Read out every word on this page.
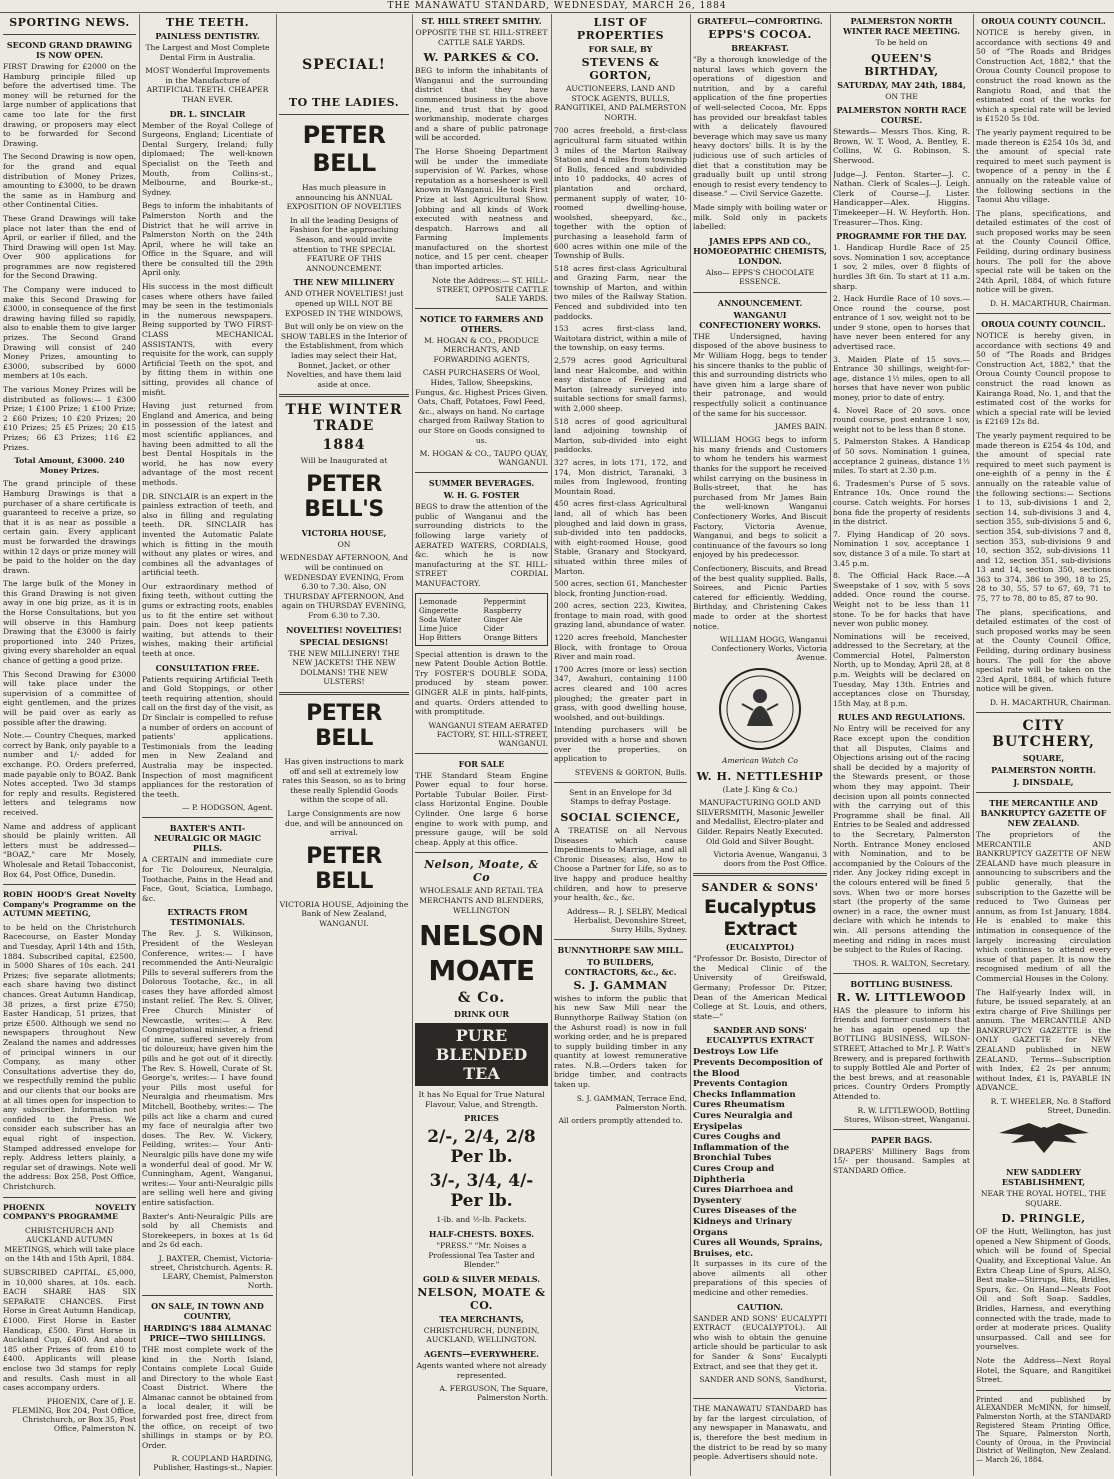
THE MANAWATU STANDARD, WEDNESDAY, MARCH 26, 1884
SPORTING NEWS.
SECOND GRAND DRAWING IS NOW OPEN.

FIRST Drawing for £2000 on the Hamburg principle filled up before the advertised time. The money will be returned for the large number of applications that came too late for the first drawing, or proposers may elect to be forwarded for Second Drawing.

The Second Drawing is now open, for the grand and equal distribution of Money Prizes, amounting to £3000, to be drawn the same as in Hamburg and other Continental Cities.

These Grand Drawings will take place not later than the end of April, or earlier if filled, and the Third Drawing will open 1st May. Over 900 applications for programmes are now registered for the Second Drawing.

The Company were induced to make this Second Drawing for £3000, in consequence of the first drawing having filled so rapidly, also to enable them to give larger prizes. The Second Grand Drawing will consist of 240 Money Prizes, amounting to £3000, subscribed by 6000 members at 10s each.

The various Money Prizes will be distributed as follows:— 1 £300 Prize; 1 £100 Prize; 1 £100 Prize; 2 £60 Prizes; 10 £20 Prizes; 20 £10 Prizes; 25 £5 Prizes; 20 £15 Prizes; 66 £3 Prizes; 116 £2 Prizes.

Total Amount, £3000. 240 Money Prizes.

The grand principle of these Hamburg Drawings is that a purchaser of a share certificate is guaranteed to receive a prize, so that it is as near as possible a certain gain. Every applicant must be forwarded the drawings within 12 days or prize money will be paid to the holder on the day drawn.

The large bulk of the Money in this Grand Drawing is not given away in one big prize, as it is in the Horse Consultations, but you will observe in this Hamburg Drawing that the £3000 is fairly proportioned into 240 Prizes, giving every shareholder an equal chance of getting a good prize.

This Second Drawing for £3000 will take place under the supervision of a committee of eight gentlemen, and the prizes will be paid over as early as possible after the drawing.

Note.— Country Cheques, marked correct by Bank, only payable to a number and 1/- added for exchange. P.O. Orders preferred, made payable only to BOAZ. Bank Notes accepted. Two 3d stamps for reply and results. Registered letters and telegrams now received.

Name and address of applicant should be plainly written. All letters must be addressed— "BOAZ," care Mr Mosely, Wholesale and Retail Tobacconist, Box 64, Post Office, Dunedin.

ROBIN HOOD'S Great Novelty Company's Programme on the AUTUMN MEETING,

to be held on the Christchurch Racecourse, on Easter Monday and Tuesday, April 14th and 15th, 1884. Subscribed capital, £2500, in 5000 Shares of 10s each. 241 Prizes; five separate allotments; each share having two distinct chances. Great Autumn Handicap, 38 prizes, a first prize £750; Easter Handicap, 51 prizes, that prize £500. Although we send no newspapers throughout New Zealand the names and addresses of principal winners in our Company, as many other Consultations advertise they do, we respectfully remind the public and our clients that our books are at all times open for inspection to any subscriber. Information not confided to the Press. We consider each subscriber has an equal right of inspection. Stamped addressed envelope for reply. Address letters plainly, a regular set of drawings. Note well the address: Box 258, Post Office, Christchurch.

PHOENIX NOVELTY COMPANY'S PROGRAMME

CHRISTCHURCH AND AUCKLAND AUTUMN MEETINGS, which will take place on the 14th and 15th April, 1884.

SUBSCRIBED CAPITAL, £5,000, in 10,000 shares, at 10s. each. EACH SHARE HAS SIX SEPARATE CHANCES. First Horse in Great Autumn Handicap, £1000. First Horse in Easter Handicap, £500. First Horse in Auckland Cup, £400. And about 185 other Prizes of from £10 to £400. Applicants will please enclose two 3d stamps for reply and results. Cash must in all cases accompany orders.

PHOENIX, Care of J. E. FLEMING, Box 204, Post Office, Christchurch, or Box 35, Post Office, Palmerston N.

THE TEETH.
PAINLESS DENTISTRY.

The Largest and Most Complete Dental Firm in Australia.

MOST Wonderful Improvements in the Manufacture of ARTIFICIAL TEETH. CHEAPER THAN EVER.

DR. L. SINCLAIR

Member of the Royal College of Surgeons, England; Licentiate of Dental Surgery, Ireland; fully diplomaed; The well-known Specialist on the Teeth and Mouth, from Collins-st., Melbourne, and Bourke-st., Sydney.

Begs to inform the inhabitants of Palmerston North and the District that he will arrive in Palmerston North on the 24th April, where he will take an Office in the Square, and will there be consulted till the 29th April only.

His success in the most difficult cases where others have failed may be seen in the testimonials in the numerous newspapers. Being supported by TWO FIRST-CLASS MECHANICAL ASSISTANTS, with every requisite for the work, can supply Artificial Teeth on the spot, and by fitting them in within one sitting, provides all chance of misfit.

Having just returned from England and America, and being in possession of the latest and most scientific appliances, and having been admitted to all the best Dental Hospitals in the world, he has now every advantage of the most recent methods.

DR. SINCLAIR is an expert in the painless extraction of teeth, and also in filling and regulating teeth. DR. SINCLAIR has invented the Automatic Palate which is fitting in the mouth without any plates or wires, and combines all the advantages of artificial teeth.

Our extraordinary method of fixing teeth, without cutting the gums or extracting roots, enables us to fit the entire set without pain. Does not keep patients waiting, but attends to their wishes, making their artificial teeth at once.

CONSULTATION FREE.

Patients requiring Artificial Teeth and Gold Stoppings, or other teeth requiring attention, should call on the first day of the visit, as Dr Sinclair is compelled to refuse a number of orders on account of patients' applications. Testimonials from the leading men in New Zealand and Australia may be inspected. Inspection of most magnificent appliances for the restoration of the teeth.

— P. HODGSON, Agent.

BAXTER'S ANTI-NEURALGIC OR MAGIC PILLS.

A CERTAIN and immediate cure for Tic Doloureux, Neuralgia, Toothache, Pains in the Head and Face, Gout, Sciatica, Lumbago, &c.

EXTRACTS FROM TESTIMONIALS.

The Rev. J. S. Wilkinson, President of the Wesleyan Conference, writes:— I have recommended the Anti-Neuralgic Pills to several sufferers from the Dolorous Tootache, &c., in all cases they have afforded almost instant relief. The Rev. S. Oliver, Free Church Minister of Newcastle, writes:— A Rev. Congregational minister, a friend of mine, suffered severely from tic doloureux; have given him the pills and he got out of it directly. The Rev. S. Howell, Curate of St. George's, writes:— I have found your Pills most useful for Neuralgia and rheumatism. Mrs Mitchell, Bootheby, writes:— The pills act like a charm and cured my face of neuralgia after two doses. The Rev. W. Vickery, Feilding, writes:— Your Anti-Neuralgic pills have done my wife a wonderful deal of good. Mr W. Cunningham, Agent, Wanganui, writes:— Your anti-Neuralgic pills are selling well here and giving entire satisfaction.

Baxter's Anti-Neuralgic Pills are sold by all Chemists and Storekeepers, in boxes at 1s 6d and 2s 6d each.

J. BAXTER, Chemist, Victoria-street, Christchurch. Agents: R. LEARY, Chemist, Palmerston North.

ON SALE, IN TOWN AND COUNTRY,
HARDING'S 1884 ALMANAC PRICE—TWO SHILLINGS.

THE most complete work of the kind in the North Island, Contains complete Local Guide and Directory to the whole East Coast District. Where the Almanac cannot be obtained from a local dealer, it will be forwarded post free, direct from the office, on receipt of two shillings in stamps or by P.O. Order.

R. COUPLAND HARDING, Publisher, Hastings-st., Napier.

SPECIAL!
TO THE LADIES.
PETER BELL

Has much pleasure in announcing his ANNUAL EXPOSITION OF NOVELTIES

In all the leading Designs of Fashion for the approaching Season, and would invite attention to THE SPECIAL FEATURE OF THIS ANNOUNCEMENT.

THE NEW MILLINERY

AND OTHER NOVELTIES! just opened up WILL NOT BE EXPOSED IN THE WINDOWS,

But will only be on view on the SHOW TABLES in the Interior of the Establishment, from which ladies may select their Hat, Bonnet, Jacket, or other Novelties, and have them laid aside at once.

THE WINTER TRADE
1884

Will be Inaugurated at

PETER BELL'S
VICTORIA HOUSE,

ON

WEDNESDAY AFTERNOON, And will be continued on WEDNESDAY EVENING, From 6.30 to 7.30. Also, ON THURSDAY AFTERNOON, And again on THURSDAY EVENING, From 6.30 to 7.30.

NOVELTIES! NOVELTIES!
SPECIAL DESIGNS!

THE NEW MILLINERY! THE NEW JACKETS! THE NEW DOLMANS! THE NEW ULSTERS!

PETER BELL

Has given instructions to mark off and sell at extremely low rates this Season, so as to bring these really Splendid Goods within the scope of all.

Large Consignments are now due, and will be announced on arrival.

PETER BELL

VICTORIA HOUSE, Adjoining the Bank of New Zealand, WANGANUI.

ST. HILL STREET SMITHY.

OPPOSITE THE ST. HILL-STREET CATTLE SALE YARDS.

W. PARKES & CO.

BEG to inform the inhabitants of Wanganui and the surrounding district that they have commenced business in the above line, and trust that by good workmanship, moderate charges and a share of public patronage will be accorded.

The Horse Shoeing Department will be under the immediate supervision of W. Parkes, whose reputation as a horseshoer is well known in Wanganui. He took First Prize at last Agricultural Show. Jobbing and all kinds of Work executed with neatness and despatch. Harrows and all Farming Implements manufactured on the shortest notice, and 15 per cent. cheaper than imported articles.

Note the Address:— ST. HILL-STREET, OPPOSITE CATTLE SALE YARDS.

NOTICE TO FARMERS AND OTHERS.

M. HOGAN & CO., PRODUCE MERCHANTS, AND FORWARDING AGENTS,

CASH PURCHASERS Of Wool, Hides, Tallow, Sheepskins, Fungus, &c. Highest Prices Given. Oats, Chaff, Potatoes, Fowl Feed, &c., always on hand. No cartage charged from Railway Station to our Store on Goods consigned to us.

M. HOGAN & CO., TAUPO QUAY, WANGANUI.

SUMMER BEVERAGES.
W. H. G. FOSTER

BEGS to draw the attention of the public of Wanganui and the surrounding districts to the following large variety of AERATED WATERS, CORDIALS, &c. which he is now manufacturing at the ST. HILL-STREET CORDIAL MANUFACTORY.

Lemonade
Gingerette
Soda Water
Lime Juice
Hop Bitters
Peppermint
Raspberry
Ginger Ale
Cider
Orange Bitters

Special attention is drawn to the new Patent Double Action Bottle. Try FOSTER'S DOUBLE SODA, produced by steam power. GINGER ALE in pints, half-pints, and quarts. Orders attended to with promptitude.

WANGANUI STEAM AERATED FACTORY, ST. HILL-STREET, WANGANUI.

FOR SALE

THE Standard Steam Engine Power equal to four horse. Portable Tubular Boiler. First-class Horizontal Engine. Double Cylinder. One large 6 horse engine to work with pump, and pressure gauge, will be sold cheap. Apply at this office.

Nelson, Moate, & Co

WHOLESALE AND RETAIL TEA MERCHANTS AND BLENDERS, WELLINGTON

NELSON
MOATE
& Co.
DRINK OUR
PURE BLENDED TEA

It has No Equal for True Natural Flavour, Value, and Strength.

PRICES
2/-, 2/4, 2/8 Per lb.
3/-, 3/4, 4/- Per lb.

1-lb. and ½-lb. Packets.

HALF-CHESTS. BOXES.

"PRESS." "Mr. Noises a Professional Tea Taster and Blender."

GOLD & SILVER MEDALS.
NELSON, MOATE & CO.
TEA MERCHANTS,

CHRISTCHURCH, DUNEDIN, AUCKLAND, WELLINGTON.

AGENTS—EVERYWHERE.

Agents wanted where not already represented.

A. FERGUSON, The Square, Palmerston North.

LIST OF PROPERTIES
FOR SALE, BY
STEVENS & GORTON,

AUCTIONEERS, LAND AND STOCK AGENTS, BULLS, RANGITIKEI, AND PALMERSTON NORTH.

700 acres freehold, a first-class agricultural farm situated within 3 miles of the Marton Railway Station and 4 miles from township of Bulls, fenced and subdivided into 10 paddocks, 40 acres of plantation and orchard, permanent supply of water, 10-roomed dwelling-house, woolshed, sheepyard, &c., together with the option of purchasing a leasehold farm of 600 acres within one mile of the Township of Bulls.

518 acres first-class Agricultural and Grazing Farm, near the township of Marton, and within two miles of the Railway Station. Fenced and subdivided into ten paddocks.

153 acres first-class land, Waitotara district, within a mile of the township, on easy terms.

2,579 acres good Agricultural land near Halcombe, and within easy distance of Feilding and Marton (already surveyed into suitable sections for small farms), with 2,000 sheep.

518 acres of good agricultural land adjoining township of Marton, sub-divided into eight paddocks.

327 acres, in lots 171, 172, and 174, Mon district, Taranaki, 3 miles from Inglewood, fronting Mountain Road.

450 acres first-class Agricultural land, all of which has been ploughed and laid down in grass, sub-divided into ten paddocks, with eight-roomed House, good Stable, Granary and Stockyard, situated within three miles of Marton.

500 acres, section 61, Manchester block, fronting Junction-road.

200 acres, section 223, Kiwitea, frontage to main road, with good grazing land, abundance of water.

1220 acres freehold, Manchester Block, with frontage to Oroua River and main road.

1700 Acres (more or less) section 347, Awahuri, containing 1100 acres cleared and 100 acres ploughed; the greater part in grass, with good dwelling house, woolshed, and out-buildings.

Intending purchasers will be provided with a horse and shown over the properties, on application to

STEVENS & GORTON, Bulls.

Sent in an Envelope for 3d Stamps to defray Postage.

SOCIAL SCIENCE,

A TREATISE on all Nervous Diseases which cause Impediments to Marriage, and all Chronic Diseases; also, How to Choose a Partner for Life, so as to live happy and produce healthy children, and how to preserve your health, &c., &c.

Address— R. J. SELBY, Medical Herbalist, Devonshire Street, Surry Hills, Sydney.

BUNNYTHORPE SAW MILL.
TO BUILDERS, CONTRACTORS, &c., &c.
S. J. GAMMAN

wishes to inform the public that his new Saw Mill near the Bunnythorpe Railway Station (on the Ashurst road) is now in full working order, and he is prepared to supply building timber in any quantity at lowest remunerative rates. N.B.—Orders taken for bridge timber, and contracts taken up.

S. J. GAMMAN, Terrace End, Palmerston North.

All orders promptly attended to.

GRATEFUL—COMFORTING.
EPPS'S COCOA.
BREAKFAST.

"By a thorough knowledge of the natural laws which govern the operations of digestion and nutrition, and by a careful application of the fine properties of well-selected Cocoa, Mr. Epps has provided our breakfast tables with a delicately flavoured beverage which may save us many heavy doctors' bills. It is by the judicious use of such articles of diet that a constitution may be gradually built up until strong enough to resist every tendency to disease." — Civil Service Gazette.

Made simply with boiling water or milk. Sold only in packets labelled:

JAMES EPPS AND CO., HOMOEOPATHIC CHEMISTS, LONDON.

Also— EPPS'S CHOCOLATE ESSENCE.

ANNOUNCEMENT.
WANGANUI CONFECTIONERY WORKS.

THE Undersigned, having disposed of the above business to Mr William Hogg, begs to tender his sincere thanks to the public of this and surrounding districts who have given him a large share of their patronage, and would respectfully solicit a continuance of the same for his successor.

JAMES BAIN.

WILLIAM HOGG begs to inform his many friends and Customers to whom he tenders his warmest thanks for the support he received whilst carrying on the business in Bulls-street, that he has purchased from Mr James Bain the well-known Wanganui Confectionery Works, And Biscuit Factory, Victoria Avenue, Wanganui, and begs to solicit a continuance of the favours so long enjoyed by his predecessor.

Confectionery, Biscuits, and Bread of the best quality supplied. Balls, Soirees, and Picnic Parties catered for efficiently. Wedding, Birthday, and Christening Cakes made to order at the shortest notice.

WILLIAM HOGG, Wanganui Confectionery Works, Victoria Avenue.

American Watch Co

W. H. NETTLESHIP

(Late J. King & Co.)

MANUFACTURING GOLD AND SILVERSMITH, Masonic Jeweller and Medallist, Electro-plater and Gilder. Repairs Neatly Executed. Old Gold and Silver Bought.

Victoria Avenue, Wanganui, 3 doors from the Post Office.

SANDER & SONS'
Eucalyptus Extract
(EUCALYPTOL)

"Professor Dr. Bosisto, Director of the Medical Clinic of the University of Greifswald, Germany; Professor Dr. Pitzer, Dean of the American Medical College at St. Louis, and others, state—"

SANDER AND SONS' EUCALYPTUS EXTRACT
Destroys Low Life
Prevents Decomposition of the Blood
Prevents Contagion
Checks Inflammation
Cures Rheumatism
Cures Neuralgia and Erysipelas
Cures Coughs and Inflammation of the Bronchial Tubes
Cures Croup and Diphtheria
Cures Diarrhoea and Dysentery
Cures Diseases of the Kidneys and Urinary Organs
Cures all Wounds, Sprains, Bruises, etc.

It surpasses in its cure of the above ailments all other preparations of this species of medicine and other remedies.

CAUTION.

SANDER AND SONS' EUCALYPTI EXTRACT (EUCALYPTOL). All who wish to obtain the genuine article should be particular to ask for Sander & Sons' Eucalypti Extract, and see that they get it.

SANDER AND SONS, Sandhurst, Victoria.

THE MANAWATU STANDARD has by far the largest circulation, of any newspaper in Manawatu, and is, therefore the best medium in the district to be read by so many people. Advertisers should note.

PALMERSTON NORTH WINTER RACE MEETING.

To be held on

QUEEN'S BIRTHDAY,
SATURDAY, MAY 24th, 1884,

ON THE

PALMERSTON NORTH RACE COURSE.

Stewards— Messrs Thos. King, R. Brown, W. T. Wood, A. Bentley, E. Collins, W. G. Robinson, S. Sherwood.

Judge—J. Fenton. Starter—J. C. Nathan. Clerk of Scales—J. Leigh. Clerk of Course—J. Lister. Handicapper—Alex. Higgins. Timekeeper—H. W. Heyforth. Hon. Treasurer—Thos. King.

PROGRAMME FOR THE DAY.

1. Handicap Hurdle Race of 25 sovs. Nomination 1 sov, acceptance 1 sov, 2 miles, over 8 flights of hurdles 3ft 6in. To start at 11 a.m. sharp.

2. Hack Hurdle Race of 10 sovs.—Once round the course, post entrance of 1 sov, weight not to be under 9 stone, open to horses that have never been entered for any advertised race.

3. Maiden Plate of 15 sovs.—Entrance 30 shillings, weight-for-age, distance 1½ miles, open to all horses that have never won public money, prior to date of entry.

4. Novel Race of 20 sovs. once round course, post entrance 1 sov, weight not to be less than 8 stone.

5. Palmerston Stakes. A Handicap of 50 sovs. Nomination 1 guinea, acceptance 2 guineas, distance 1½ miles. To start at 2.30 p.m.

6. Tradesmen's Purse of 5 sovs. Entrance 10s. Once round the course. Catch weights. For horses bona fide the property of residents in the district.

7. Flying Handicap of 20 sovs. Nomination 1 sov, acceptance 1 sov, distance 3 of a mile. To start at 3.45 p.m.

8. The Official Hack Race.—A Sweepstake of 1 sov, with 5 sovs added. Once round the course. Weight not to be less than 11 stone. To be for hacks that have never won public money.

Nominations will be received, addressed to the Secretary, at the Commercial Hotel, Palmerston North, up to Monday, April 28, at 8 p.m. Weights will be declared on Tuesday, May 13th. Entries and acceptances close on Thursday, 15th May, at 8 p.m.

RULES AND REGULATIONS.

No Entry will be received for any Race except upon the condition that all Disputes, Claims and Objections arising out of the racing shall be decided by a majority of the Stewards present, or those whom they may appoint. Their decision upon all points connected with the carrying out of this Programme shall be final. All Entries to be Sealed and addressed to the Secretary, Palmerston North. Entrance Money enclosed with Nomination, and to be accompanied by the Colours of the rider. Any Jockey riding except in the colours entered will be fined 5 sovs. When two or more horses start (the property of the same owner) in a race, the owner must declare with which he intends to win. All persons attending the meeting and riding in races must be subject to the Rules of Racing.

THOS. R. WALTON, Secretary.

BOTTLING BUSINESS.
R. W. LITTLEWOOD

HAS the pleasure to inform his friends and former customers that he has again opened up the BOTTLING BUSINESS, WILSON-STREET, Attached to Mr J. P. Watt's Brewery, and is prepared forthwith to supply Bottled Ale and Porter of the best brews, and at reasonable prices. Country Orders Promptly Attended to.

R. W. LITTLEWOOD, Bottling Stores, Wilson-street, Wanganui.

PAPER BAGS.

DRAPERS' Millinery Bags from 15/- per thousand. Samples at STANDARD Office.

OROUA COUNTY COUNCIL.

NOTICE is hereby given, in accordance with sections 49 and 50 of "The Roads and Bridges Construction Act, 1882," that the Oroua County Council propose to construct the road known as the Rangiotu Road, and that the estimated cost of the works for which a special rate will be levied is £1520 5s 10d.

The yearly payment required to be made thereon is £254 10s 3d, and the amount of special rate required to meet such payment is twopence of a penny in the £ annually on the rateable value of the following sections in the Taonui Ahu village.

The plans, specifications, and detailed estimates of the cost of such proposed works may be seen at the County Council Office, Feilding, during ordinary business hours. The poll for the above special rate will be taken on the 24th April, 1884, of which future notice will be given.

D. H. MACARTHUR, Chairman.

OROUA COUNTY COUNCIL.

NOTICE is hereby given, in accordance with sections 49 and 50 of "The Roads and Bridges Construction Act, 1882," that the Oroua County Council propose to construct the road known as Kairanga Road, No. 1, and that the estimated cost of the works for which a special rate will be levied is £2169 12s 8d.

The yearly payment required to be made thereon is £254 4s 10d, and the amount of special rate required to meet such payment is one-eighth of a penny in the £ annually on the rateable value of the following sections:— Sections 1 to 13, sub-divisions 1 and 2, section 14, sub-divisions 3 and 4, section 355, sub-divisions 5 and 6, section 354, sub-divisions 7 and 8, section 353, sub-divisions 9 and 10, section 352, sub-divisions 11 and 12, section 351, sub-divisions 13 and 14, section 350, sections 363 to 374, 386 to 390, 18 to 25, 28 to 30, 55, 57 to 67, 69, 71 to 75, 77 to 78, 80 to 85, 87 to 90.

The plans, specifications, and detailed estimates of the cost of such proposed works may be seen at the County Council Office, Feilding, during ordinary business hours. The poll for the above special rate will be taken on the 23rd April, 1884, of which future notice will be given.

D. H. MACARTHUR, Chairman.

CITY BUTCHERY,
SQUARE,
PALMERSTON NORTH.
J. DINSDALE,
THE MERCANTILE AND BANKRUPTCY GAZETTE OF NEW ZEALAND.

The proprietors of the MERCANTILE AND BANKRUPTCY GAZETTE OF NEW ZEALAND have much pleasure in announcing to subscribers and the public generally, that the subscription to the Gazette will be reduced to Two Guineas per annum, as from 1st January, 1884. He is enabled to make this intimation in consequence of the largely increasing circulation which continues to attend every issue of that paper. It is now the recognised medium of all the Commercial Houses in the Colony.

The Half-yearly Index will, in future, be issued separately, at an extra charge of Five Shillings per annum. The MERCANTILE AND BANKRUPTCY GAZETTE is the ONLY GAZETTE for NEW ZEALAND published in NEW ZEALAND. Terms—Subscription with Index, £2 2s per annum; without Index, £1 ls, PAYABLE IN ADVANCE.

R. T. WHEELER, No. 8 Stafford Street, Dunedin.

NEW SADDLERY ESTABLISHMENT,

NEAR THE ROYAL HOTEL, THE SQUARE.

D. PRINGLE,

OF the Hutt, Wellington, has just opened a New Shipment of Goods, which will be found of Special Quality, and Exceptional Value. An Extra Cheap Line of Spurs, ALSO, Best make—Stirrups, Bits, Bridles, Spurs, &c. On Hand—Neats Foot Oil and Soft Soap. Saddles, Bridles, Harness, and everything connected with the trade, made to order at moderate prices. Quality unsurpassed. Call and see for yourselves.

Note the Address—Next Royal Hotel, the Square, and Rangitikei Street.

Printed and published by ALEXANDER McMINN, for himself, Palmerston North, at the STANDARD Registered Steam Printing Office, The Square, Palmerston North, County of Oroua, in the Provincial District of Wellington, New Zealand.— March 26, 1884.
